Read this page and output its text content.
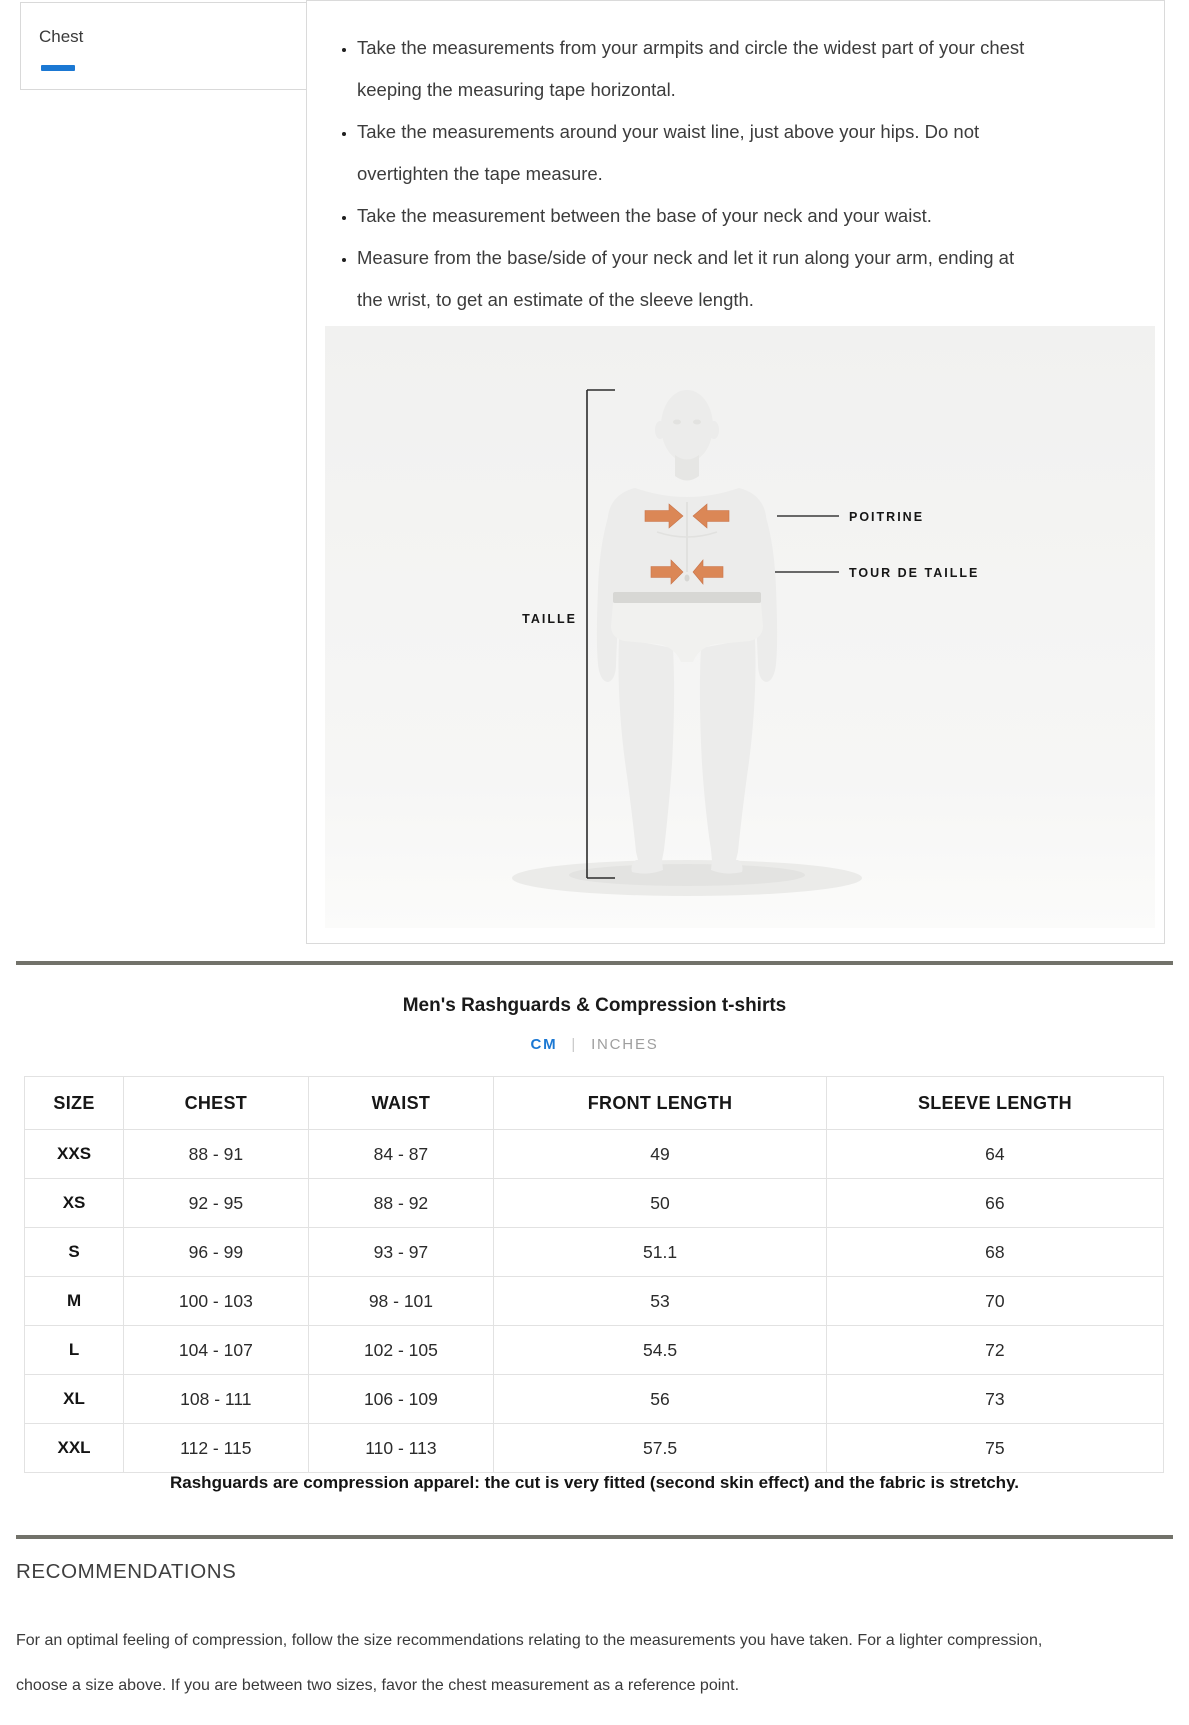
Chest
• Take the measurements from your armpits and circle the widest part of your chest keeping the measuring tape horizontal.
• Take the measurements around your waist line, just above your hips. Do not overtighten the tape measure.
• Take the measurement between the base of your neck and your waist.
• Measure from the base/side of your neck and let it run along your arm, ending at the wrist, to get an estimate of the sleeve length.
TAILLE
POITRINE
TOUR DE TAILLE
Men's Rashguards & Compression t-shirts
CM | INCHES
SIZE	CHEST	WAIST	FRONT LENGTH	SLEEVE LENGTH
XXS	88 - 91	84 - 87	49	64
XS	92 - 95	88 - 92	50	66
S	96 - 99	93 - 97	51.1	68
M	100 - 103	98 - 101	53	70
L	104 - 107	102 - 105	54.5	72
XL	108 - 111	106 - 109	56	73
XXL	112 - 115	110 - 113	57.5	75
Rashguards are compression apparel: the cut is very fitted (second skin effect) and the fabric is stretchy.
RECOMMENDATIONS
For an optimal feeling of compression, follow the size recommendations relating to the measurements you have taken. For a lighter compression, choose a size above. If you are between two sizes, favor the chest measurement as a reference point.
